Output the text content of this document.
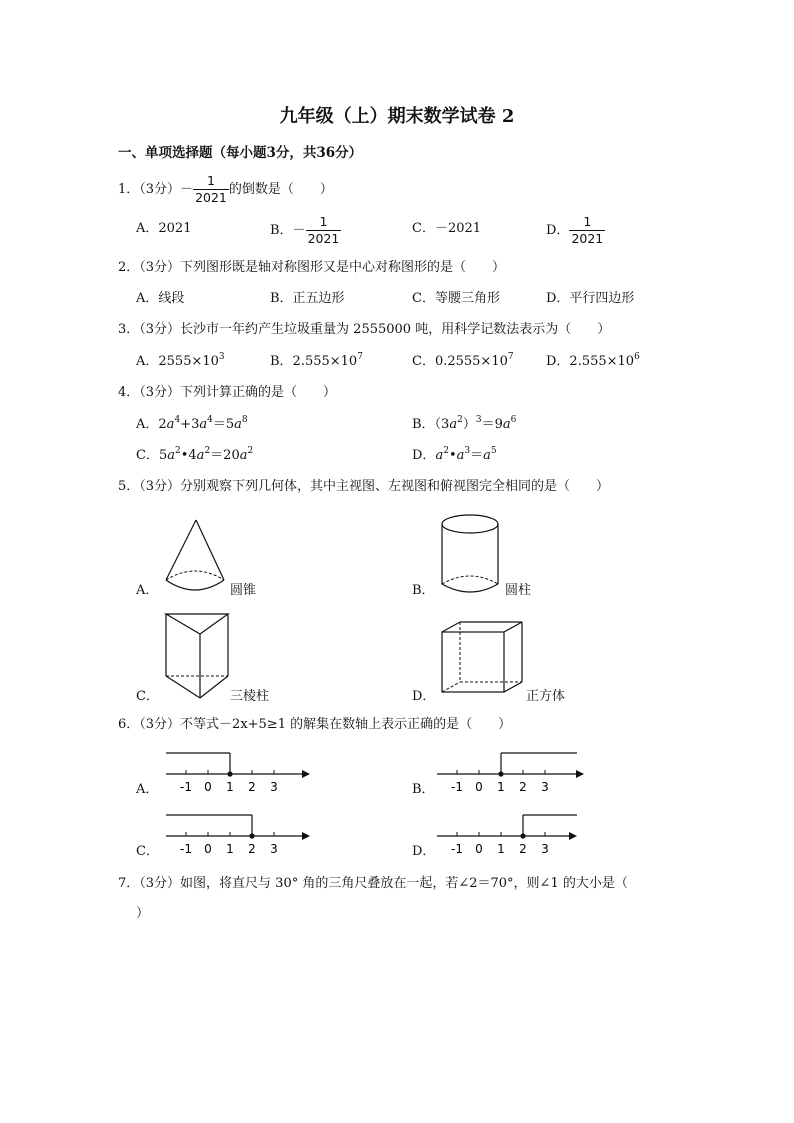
九年级（上）期末数学试卷 2
一、单项选择题（每小题3分，共36分）
1．（3分）－ $\frac{1}{2021}$ 的倒数是（　　）
A．2021	B．－ $\frac{1}{2021}$	C．－2021	D． $\frac{1}{2021}$
2．（3分）下列图形既是轴对称图形又是中心对称图形的是（　　）
A．线段	B．正五边形	C．等腰三角形	D．平行四边形
3．（3分）长沙市一年约产生垃圾重量为 2555000 吨，用科学记数法表示为（　　）
A．$2555\times 10^3$	B．$2.555\times 10^7$	C．$0.2555\times 10^7$ D．$2.555\times 10^6$
4．（3分）下列计算正确的是（　　）
A．$2a^4+3a^4=5a^8$	B．$(3a^2)^3=9a^6$
C．$5a^2•4a^2=20a^2$	D．$a^2•a^3=a^5$
5．（3分）分别观察下列几何体，其中主视图、左视图和俯视图完全相同的是（　　）
A．	圆锥	B．	圆柱
C．	三棱柱	D．	正方体
6．（3分）不等式－2x+5≥1 的解集在数轴上表示正确的是（　　）
A．	B．
C．	D．
-1 0 1 2 3	-1 0 1 2 3
-1 0 1 2 3	-1 0 1 2 3
7．（3分）如图，将直尺与 30° 角的三角尺叠放在一起，若∠2＝70°，则∠1 的大小是（
）
